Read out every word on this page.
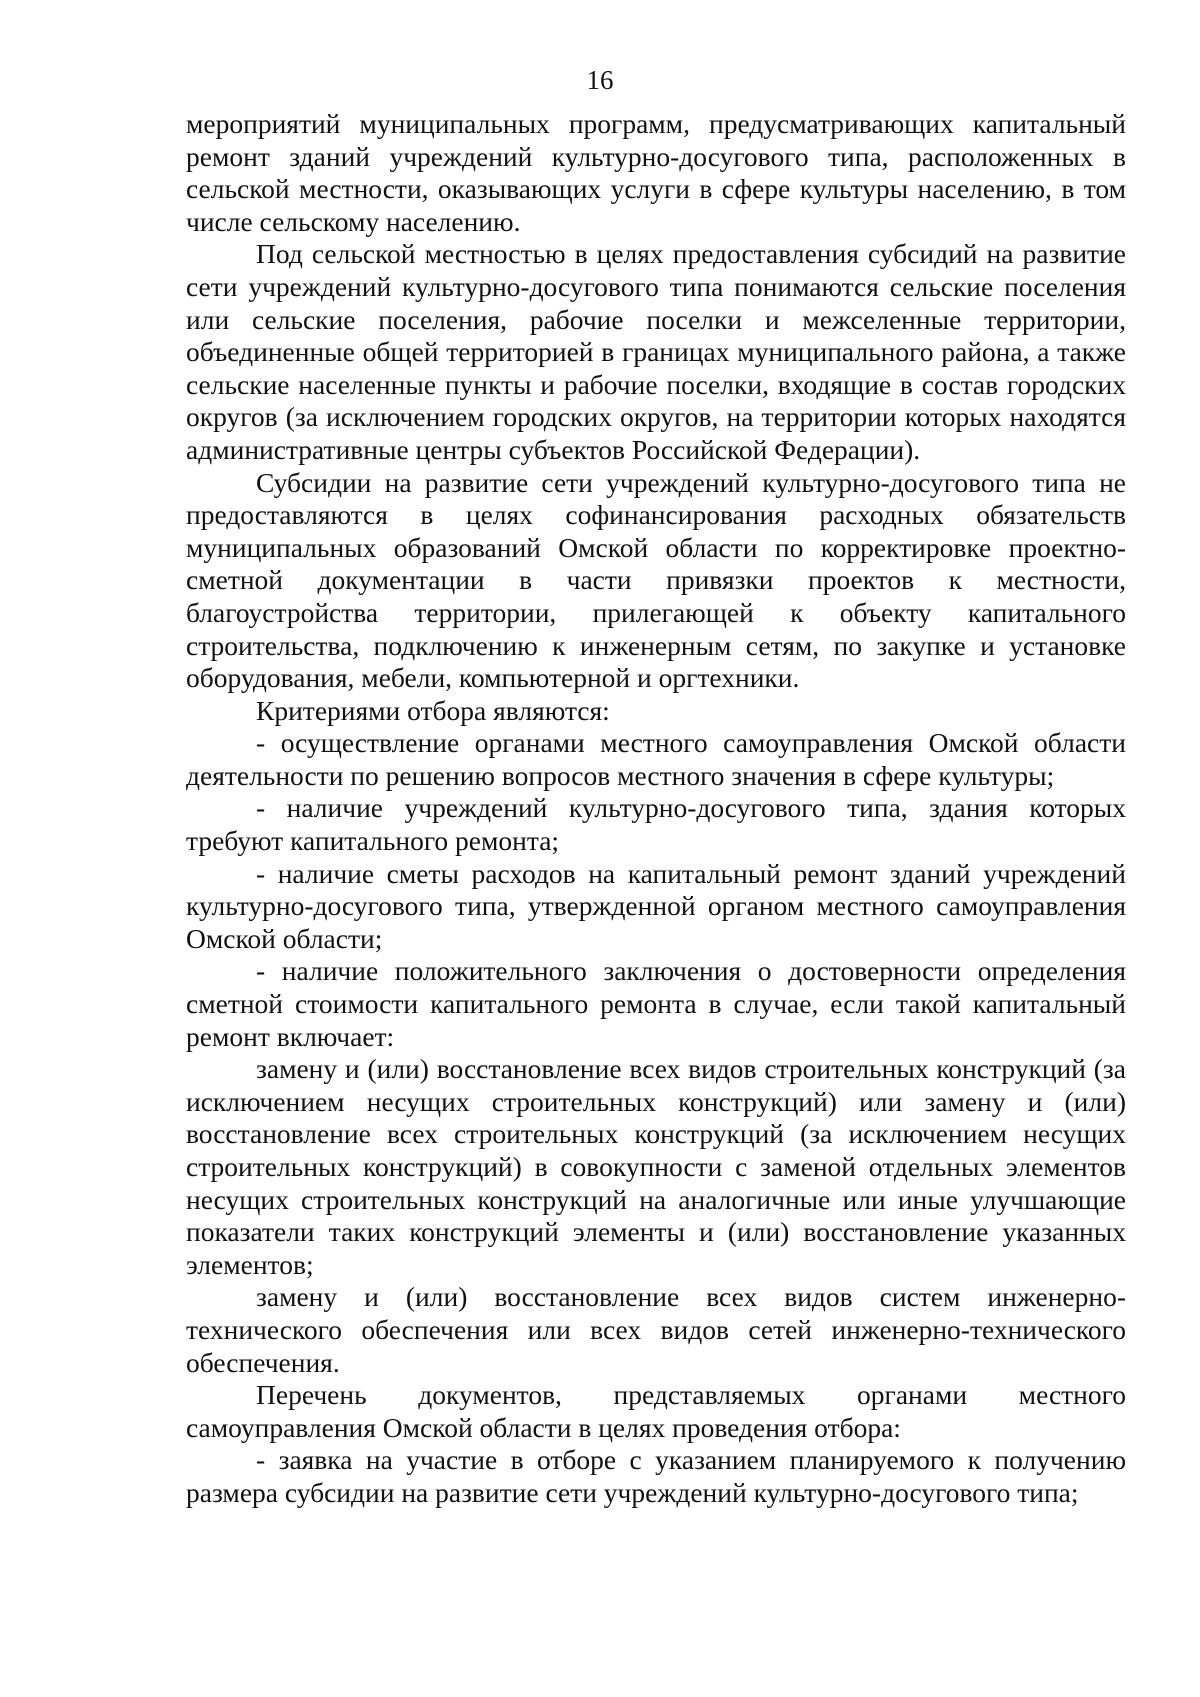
16

мероприятий муниципальных программ, предусматривающих капитальный ремонт зданий учреждений культурно-досугового типа, расположенных в сельской местности, оказывающих услуги в сфере культуры населению, в том числе сельскому населению.

Под сельской местностью в целях предоставления субсидий на развитие сети учреждений культурно-досугового типа понимаются сельские поселения или сельские поселения, рабочие поселки и межселенные территории, объединенные общей территорией в границах муниципального района, а также сельские населенные пункты и рабочие поселки, входящие в состав городских округов (за исключением городских округов, на территории которых находятся административные центры субъектов Российской Федерации).

Субсидии на развитие сети учреждений культурно-досугового типа не предоставляются в целях софинансирования расходных обязательств муниципальных образований Омской области по корректировке проектно-сметной документации в части привязки проектов к местности, благоустройства территории, прилегающей к объекту капитального строительства, подключению к инженерным сетям, по закупке и установке оборудования, мебели, компьютерной и оргтехники.

Критериями отбора являются:

- осуществление органами местного самоуправления Омской области деятельности по решению вопросов местного значения в сфере культуры;

- наличие учреждений культурно-досугового типа, здания которых требуют капитального ремонта;

- наличие сметы расходов на капитальный ремонт зданий учреждений культурно-досугового типа, утвержденной органом местного самоуправления Омской области;

- наличие положительного заключения о достоверности определения сметной стоимости капитального ремонта в случае, если такой капитальный ремонт включает:

замену и (или) восстановление всех видов строительных конструкций (за исключением несущих строительных конструкций) или замену и (или) восстановление всех строительных конструкций (за исключением несущих строительных конструкций) в совокупности с заменой отдельных элементов несущих строительных конструкций на аналогичные или иные улучшающие показатели таких конструкций элементы и (или) восстановление указанных элементов;

замену и (или) восстановление всех видов систем инженерно-технического обеспечения или всех видов сетей инженерно-технического обеспечения.

Перечень документов, представляемых органами местного самоуправления Омской области в целях проведения отбора:

- заявка на участие в отборе с указанием планируемого к получению размера субсидии на развитие сети учреждений культурно-досугового типа;
